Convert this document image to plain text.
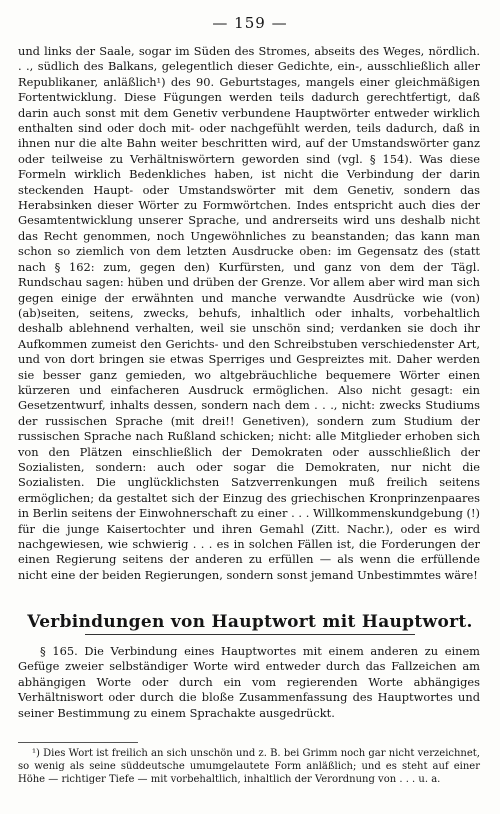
— 159 —

und links der Saale, sogar im Süden des Stromes, abseits des Weges, nördlich. . ., südlich des Balkans, gelegentlich dieser Gedichte, ein-, ausschließlich aller Republikaner, anläßlich¹) des 90. Geburtstages, mangels einer gleichmäßigen Fortentwicklung. Diese Fügungen werden teils dadurch gerechtfertigt, daß darin auch sonst mit dem Genetiv verbundene Hauptwörter entweder wirklich enthalten sind oder doch mit- oder nachgefühlt werden, teils dadurch, daß in ihnen nur die alte Bahn weiter beschritten wird, auf der Umstandswörter ganz oder teilweise zu Verhältniswörtern geworden sind (vgl. § 154). Was diese Formeln wirklich Bedenkliches haben, ist nicht die Verbindung der darin steckenden Haupt- oder Umstandswörter mit dem Genetiv, sondern das Herabsinken dieser Wörter zu Formwörtchen. Indes entspricht auch dies der Gesamtentwicklung unserer Sprache, und andrerseits wird uns deshalb nicht das Recht genommen, noch Ungewöhnliches zu beanstanden; das kann man schon so ziemlich von dem letzten Ausdrucke oben: im Gegensatz des (statt nach § 162: zum, gegen den) Kurfürsten, und ganz von dem der Tägl. Rundschau sagen: hüben und drüben der Grenze. Vor allem aber wird man sich gegen einige der erwähnten und manche verwandte Ausdrücke wie (von) (ab)seiten, seitens, zwecks, behufs, inhaltlich oder inhalts, vorbehaltlich deshalb ablehnend verhalten, weil sie unschön sind; verdanken sie doch ihr Aufkommen zumeist den Gerichts- und den Schreibstuben verschiedenster Art, und von dort bringen sie etwas Sperriges und Gespreiztes mit. Daher werden sie besser ganz gemieden, wo altgebräuchliche bequemere Wörter einen kürzeren und einfacheren Ausdruck ermöglichen. Also nicht gesagt: ein Gesetzentwurf, inhalts dessen, sondern nach dem . . ., nicht: zwecks Studiums der russischen Sprache (mit drei!! Genetiven), sondern zum Studium der russischen Sprache nach Rußland schicken; nicht: alle Mitglieder erhoben sich von den Plätzen einschließlich der Demokraten oder ausschließlich der Sozialisten, sondern: auch oder sogar die Demokraten, nur nicht die Sozialisten. Die unglücklichsten Satzverrenkungen muß freilich seitens ermöglichen; da gestaltet sich der Einzug des griechischen Kronprinzenpaares in Berlin seitens der Einwohnerschaft zu einer . . . Willkommenskundgebung (!) für die junge Kaisertochter und ihren Gemahl (Zitt. Nachr.), oder es wird nachgewiesen, wie schwierig . . . es in solchen Fällen ist, die Forderungen der einen Regierung seitens der anderen zu erfüllen — als wenn die erfüllende nicht eine der beiden Regierungen, sondern sonst jemand Unbestimmtes wäre!

Verbindungen von Hauptwort mit Hauptwort.

§ 165. Die Verbindung eines Hauptwortes mit einem anderen zu einem Gefüge zweier selbständiger Worte wird entweder durch das Fallzeichen am abhängigen Worte oder durch ein vom regierenden Worte abhängiges Verhältniswort oder durch die bloße Zusammenfassung des Hauptwortes und seiner Bestimmung zu einem Sprachakte ausgedrückt.

¹) Dies Wort ist freilich an sich unschön und z. B. bei Grimm noch gar nicht verzeichnet, so wenig als seine süddeutsche umumgelautete Form anläßlich; und es steht auf einer Höhe — richtiger Tiefe — mit vorbehaltlich, inhaltlich der Verordnung von . . . u. a.
